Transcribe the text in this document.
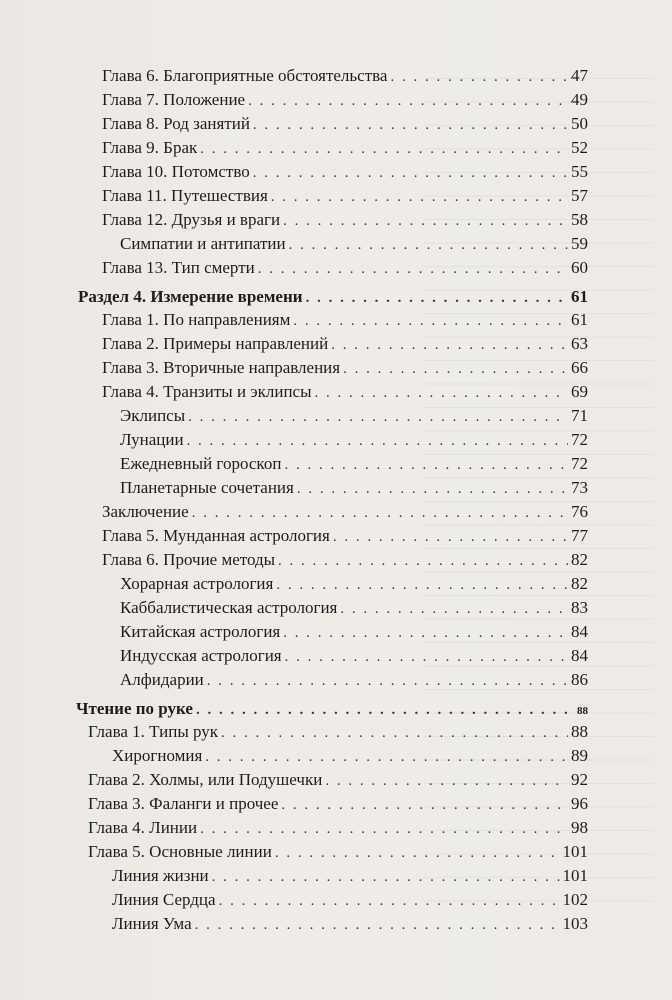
Глава 6. Благоприятные обстоятельства . . .	47
Глава 7. Положение . . .	49
Глава 8. Род занятий . . .	50
Глава 9. Брак . . .	52
Глава 10. Потомство . . .	55
Глава 11. Путешествия . . .	57
Глава 12. Друзья и враги . . .	58
Симпатии и антипатии . . .	59
Глава 13. Тип смерти . . .	60
Раздел 4. Измерение времени . . .	61
Глава 1. По направлениям . . .	61
Глава 2. Примеры направлений . . .	63
Глава 3. Вторичные направления . . .	66
Глава 4. Транзиты и эклипсы . . .	69
Эклипсы . . .	71
Лунации . . .	72
Ежедневный гороскоп . . .	72
Планетарные сочетания . . .	73
Заключение . . .	76
Глава 5. Мунданная астрология . . .	77
Глава 6. Прочие методы . . .	82
Хорарная астрология . . .	82
Каббалистическая астрология . . .	83
Китайская астрология . . .	84
Индусская астрология . . .	84
Алфидарии . . .	86
Чтение по руке . . .	88
Глава 1. Типы рук . . .	88
Хирогномия . . .	89
Глава 2. Холмы, или Подушечки . . .	92
Глава 3. Фаланги и прочее . . .	96
Глава 4. Линии . . .	98
Глава 5. Основные линии . . .	101
Линия жизни . . .	101
Линия Сердца . . .	102
Линия Ума . . .	103
